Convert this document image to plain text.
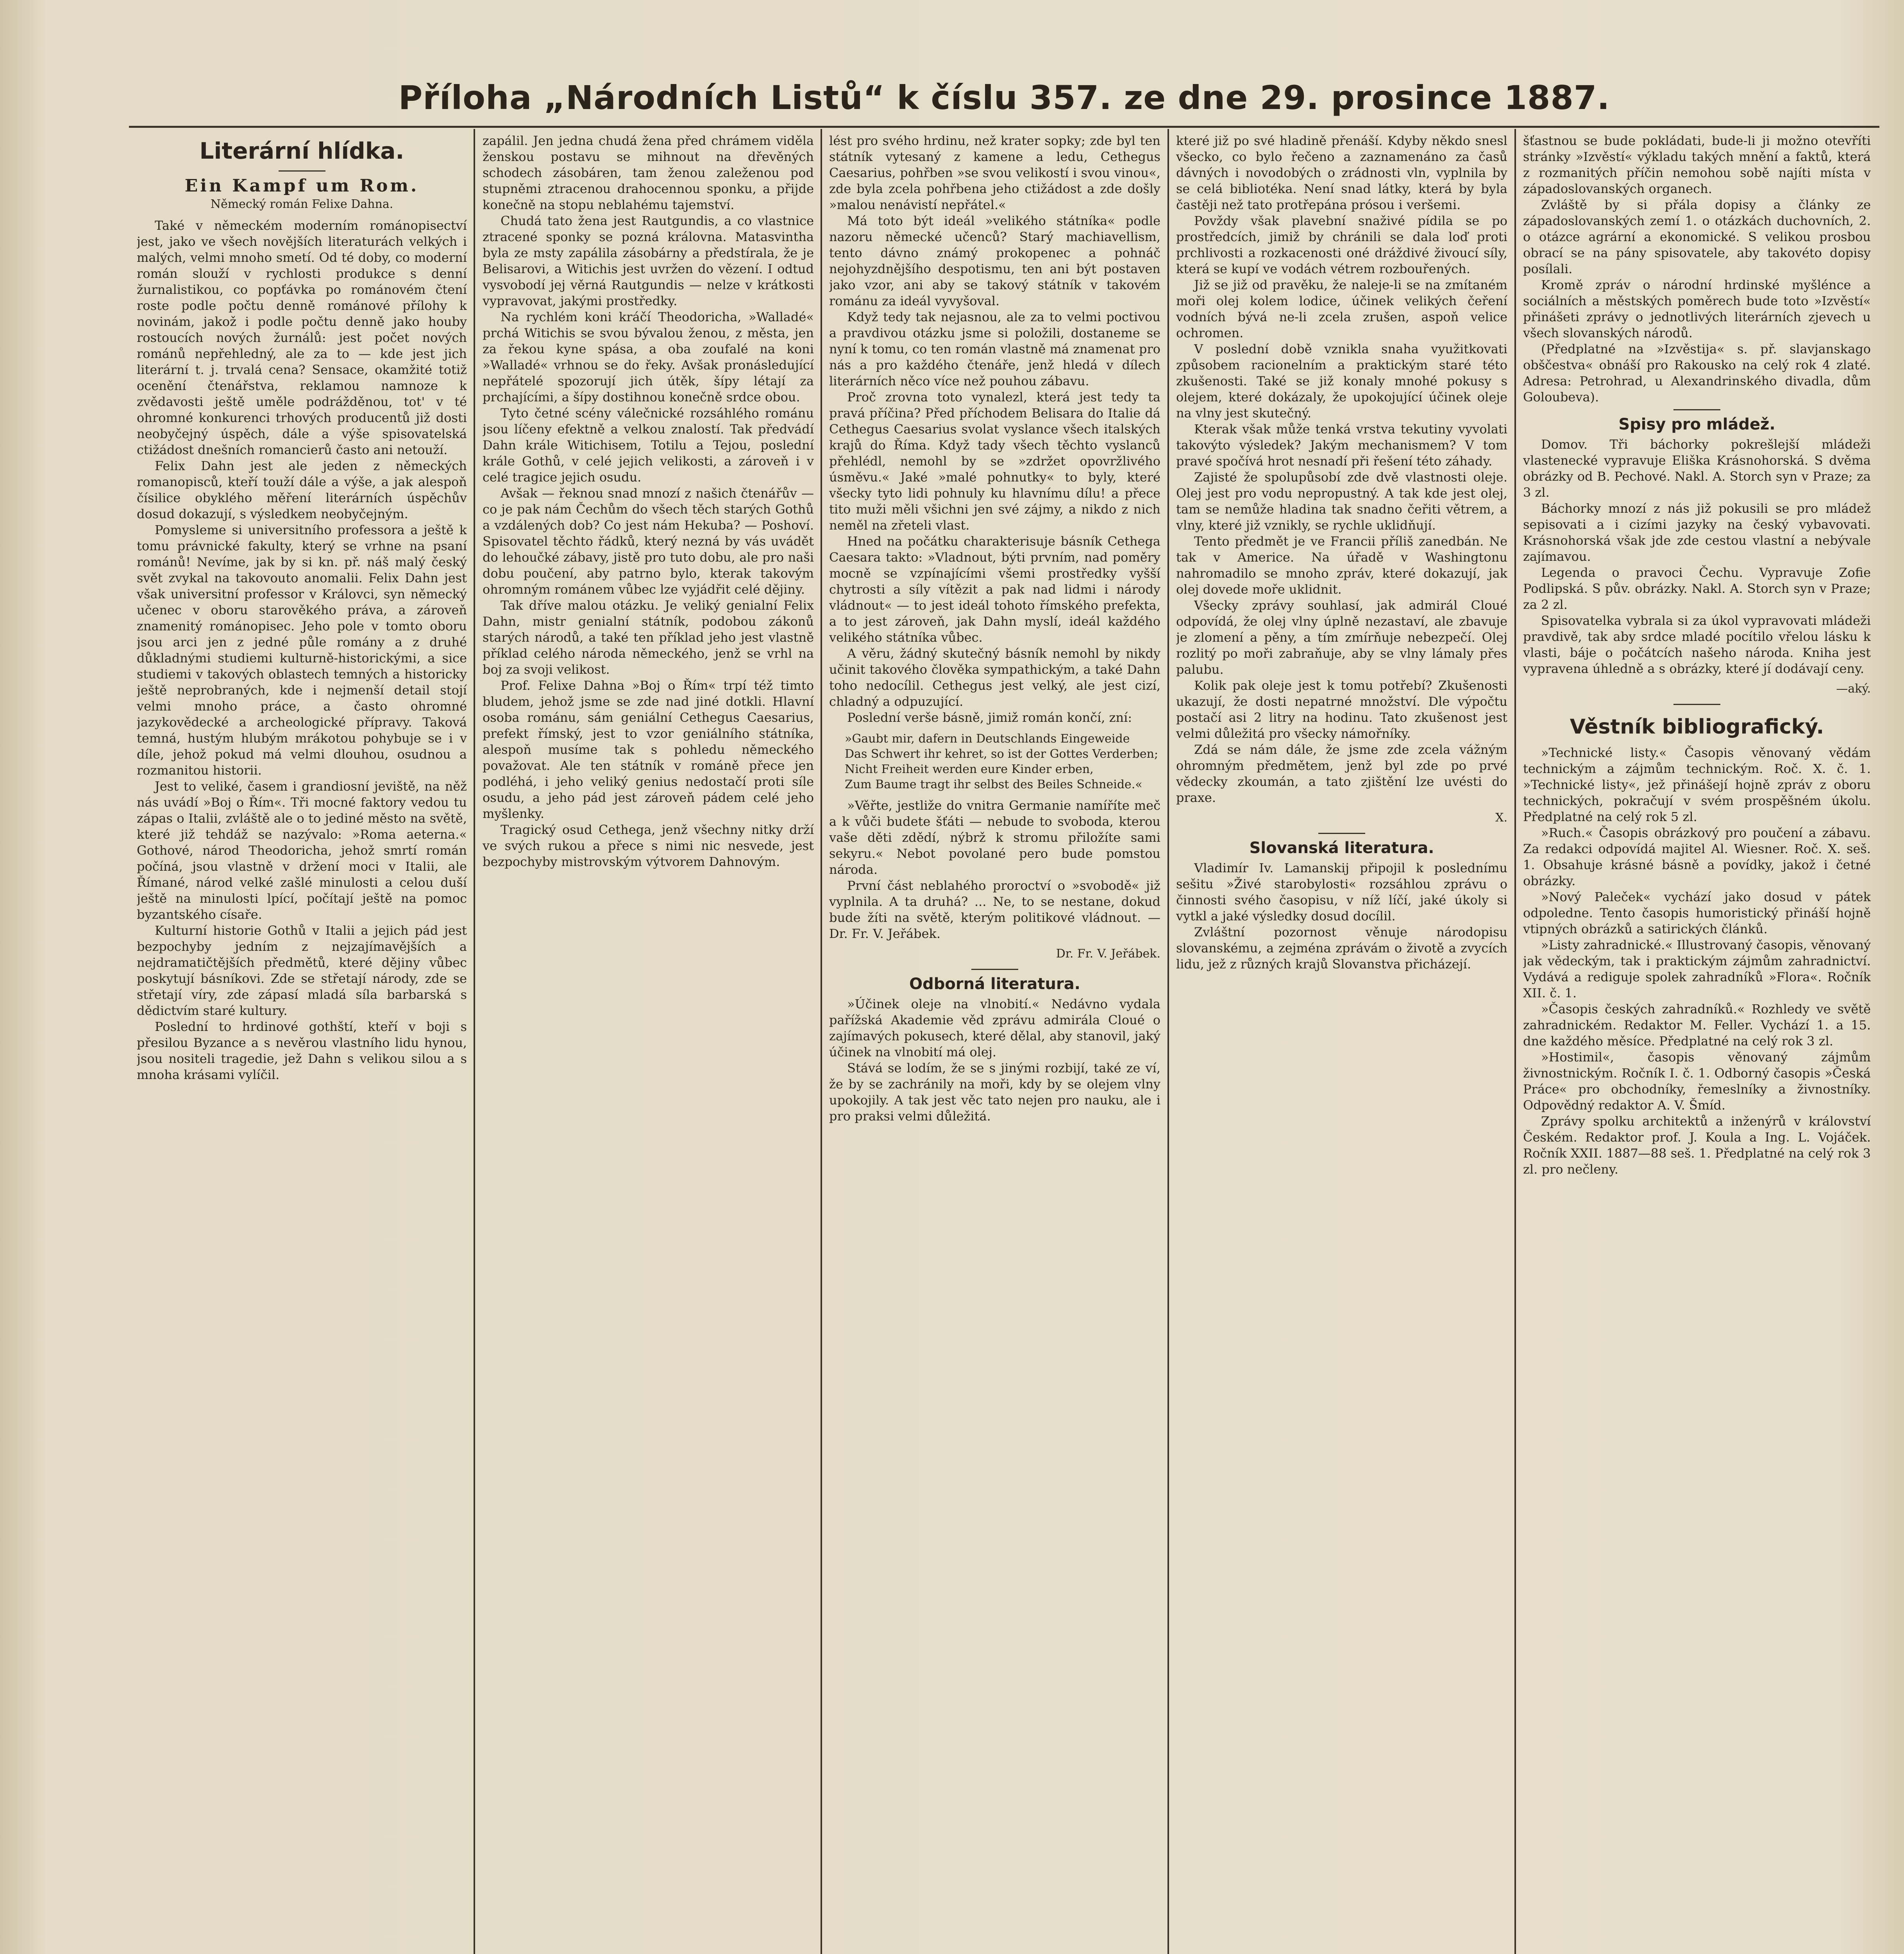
Příloha „Národních Listů“ k číslu 357. ze dne 29. prosince 1887.
Literární hlídka.
Ein Kampf um Rom.
Německý román Felixe Dahna.

Také v německém moderním románopisectví jest, jako ve všech novějších literaturách velkých i malých, velmi mnoho smetí. Od té doby, co moderní román slouží v rychlosti produkce s denní žurnalistikou, co popťávka po románovém čtení roste podle počtu denně románové přílohy k novinám, jakož i podle počtu denně jako houby rostoucích nových žurnálů: jest počet nových románů nepřehledný, ale za to — kde jest jich literární t. j. trvalá cena? Sensace, okamžité totiž ocenění čtenářstva, reklamou namnoze k zvědavosti ještě uměle podrážděnou, tot' v té ohromné konkurenci trhových producentů již dosti neobyčejný úspěch, dále a výše spisovatelská ctižádost dnešních romancierů často ani netouží.

Felix Dahn jest ale jeden z německých romanopisců, kteří touží dále a výše, a jak alespoň čísilice obyklého měření literárních úspěchův dosud dokazují, s výsledkem neobyčejným.

Pomysleme si universitního professora a ještě k tomu právnické fakulty, který se vrhne na psaní románů! Nevíme, jak by si kn. př. náš malý český svět zvykal na takovouto anomalii. Felix Dahn jest však universitní professor v Královci, syn německý učenec v oboru starověkého práva, a zároveň znamenitý románopisec. Jeho pole v tomto oboru jsou arci jen z jedné půle romány a z druhé důkladnými studiemi kulturně-historickými, a sice studiemi v takových oblastech temných a historicky ještě neprobraných, kde i nejmenší detail stojí velmi mnoho práce, a často ohromné jazykovědecké a archeologické přípravy. Taková temná, hustým hlubým mrákotou pohybuje se i v díle, jehož pokud má velmi dlouhou, osudnou a rozmanitou historii.

Jest to veliké, časem i grandiosní jeviště, na něž nás uvádí »Boj o Řím«. Tři mocné faktory vedou tu zápas o Italii, zvláště ale o to jediné město na světě, které již tehdáž se nazývalo: »Roma aeterna.« Gothové, národ Theodoricha, jehož smrtí román počíná, jsou vlastně v držení moci v Italii, ale Římané, národ velké zašlé minulosti a celou duší ještě na minulosti lpící, počítají ještě na pomoc byzantského císaře.

Kulturní historie Gothů v Italii a jejich pád jest bezpochyby jedním z nejzajímavějších a nejdramatičtějších předmětů, které dějiny vůbec poskytují básníkovi. Zde se střetají národy, zde se střetají víry, zde zápasí mladá síla barbarská s dědictvím staré kultury.

Poslední to hrdinové gothští, kteří v boji s přesilou Byzance a s nevěrou vlastního lidu hynou, jsou nositeli tragedie, jež Dahn s velikou silou a s mnoha krásami vylíčil.

zapálil. Jen jedna chudá žena před chrámem viděla ženskou postavu se mihnout na dřevěných schodech zásobáren, tam ženou zaleženou pod stupněmi ztracenou drahocennou sponku, a přijde konečně na stopu neblahému tajemství.

Chudá tato žena jest Rautgundis, a co vlastnice ztracené sponky se pozná královna. Matasvintha byla ze msty zapálila zásobárny a předstírala, že je Belisarovi, a Witichis jest uvržen do vězení. I odtud vysvobodí jej věrná Rautgundis — nelze v krátkosti vypravovat, jakými prostředky.

Na rychlém koni kráčí Theodoricha, »Walladé« prchá Witichis se svou bývalou ženou, z města, jen za řekou kyne spása, a oba zoufalé na koni »Walladé« vrhnou se do řeky. Avšak pronásledující nepřátelé spozorují jich útěk, šípy létají za prchajícími, a šípy dostihnou konečně srdce obou.

Tyto četné scény válečnické rozsáhlého románu jsou líčeny efektně a velkou znalostí. Tak předvádí Dahn krále Witichisem, Totilu a Tejou, poslední krále Gothů, v celé jejich velikosti, a zároveň i v celé tragice jejich osudu.

Avšak — řeknou snad mnozí z našich čtenářův — co je pak nám Čechům do všech těch starých Gothů a vzdálených dob? Co jest nám Hekuba? — Poshoví. Spisovatel těchto řádků, který nezná by vás uvádět do lehoučké zábavy, jistě pro tuto dobu, ale pro naši dobu poučení, aby patrno bylo, kterak takovým ohromným románem vůbec lze vyjádřit celé dějiny.

Tak dříve malou otázku. Je veliký genialní Felix Dahn, mistr genialní státník, podobou zákonů starých národů, a také ten příklad jeho jest vlastně příklad celého národa německého, jenž se vrhl na boj za svoji velikost.

Prof. Felixe Dahna »Boj o Řím« trpí též timto bludem, jehož jsme se zde nad jiné dotkli. Hlavní osoba románu, sám geniální Cethegus Caesarius, prefekt římský, jest to vzor geniálního státníka, alespoň musíme tak s pohledu německého považovat. Ale ten státník v románě přece jen podléhá, i jeho veliký genius nedostačí proti síle osudu, a jeho pád jest zároveň pádem celé jeho myšlenky.

Tragický osud Cethega, jenž všechny nitky drží ve svých rukou a přece s nimi nic nesvede, jest bezpochyby mistrovským výtvorem Dahnovým.

lést pro svého hrdinu, než krater sopky; zde byl ten státník vytesaný z kamene a ledu, Cethegus Caesarius, pohřben »se svou velikostí i svou vinou«, zde byla zcela pohřbena jeho ctižádost a zde došly »malou nenávistí nepřátel.«

Má toto být ideál »velikého státníka« podle nazoru německé učenců? Starý machiavellism, tento dávno známý prokopenec a pohnáč nejohyzdnějšího despotismu, ten ani být postaven jako vzor, ani aby se takový státník v takovém románu za ideál vyvyšoval.

Když tedy tak nejasnou, ale za to velmi poctivou a pravdivou otázku jsme si položili, dostaneme se nyní k tomu, co ten román vlastně má znamenat pro nás a pro každého čtenáře, jenž hledá v dílech literárních něco více než pouhou zábavu.

Proč zrovna toto vynalezl, která jest tedy ta pravá příčina? Před příchodem Belisara do Italie dá Cethegus Caesarius svolat vyslance všech italských krajů do Říma. Když tady všech těchto vyslanců přehlédl, nemohl by se »zdržet opovržlivého úsměvu.« Jaké »malé pohnutky« to byly, které všecky tyto lidi pohnuly ku hlavnímu dílu! a přece tito muži měli všichni jen své zájmy, a nikdo z nich neměl na zřeteli vlast.

Hned na počátku charakterisuje básník Cethega Caesara takto: »Vladnout, býti prvním, nad poměry mocně se vzpínajícími všemi prostředky vyšší chytrosti a síly vítězit a pak nad lidmi i národy vládnout« — to jest ideál tohoto římského prefekta, a to jest zároveň, jak Dahn myslí, ideál každého velikého státníka vůbec.

A věru, žádný skutečný básník nemohl by nikdy učinit takového člověka sympathickým, a také Dahn toho nedocílil. Cethegus jest velký, ale jest cizí, chladný a odpuzující.

Poslední verše básně, jimiž román končí, zní:

»Gaubt mir, dafern in Deutschlands Eingeweide
Das Schwert ihr kehret, so ist der Gottes Verderben;
Nicht Freiheit werden eure Kinder erben,
Zum Baume tragt ihr selbst des Beiles Schneide.«

»Věřte, jestliže do vnitra Germanie namíříte meč a k vůči budete šťáti — nebude to svoboda, kterou vaše děti zdědí, nýbrž k stromu přiložíte sami sekyru.« Nebot povolané pero bude pomstou národa.

První část neblahého proroctví o »svobodě« již vyplnila. A ta druhá? ... Ne, to se nestane, dokud bude žíti na světě, kterým politikové vládnout. — Dr. Fr. V. Jeřábek.

Dr. Fr. V. Jeřábek.
Odborná literatura.

»Účinek oleje na vlnobití.« Nedávno vydala pařížská Akademie věd zprávu admirála Cloué o zajímavých pokusech, které dělal, aby stanovil, jaký účinek na vlnobití má olej.

Stává se lodím, že se s jinými rozbijí, také ze ví, že by se zachránily na moři, kdy by se olejem vlny upokojily. A tak jest věc tato nejen pro nauku, ale i pro praksi velmi důležitá.

které již po své hladině přenáší. Kdyby někdo snesl všecko, co bylo řečeno a zaznamenáno za časů dávných i novodobých o zrádnosti vln, vyplnila by se celá bibliotéka. Není snad látky, která by byla častěji než tato protřepána prósou i veršemi.

Povždy však plavební snaživé pídila se po prostředcích, jimiž by chránili se dala loď proti prchlivosti a rozkacenosti oné dráždivé živoucí síly, která se kupí ve vodách vétrem rozbouřených.

Již se již od pravěku, že naleje-li se na zmítaném moři olej kolem lodice, účinek velikých čeření vodních bývá ne-li zcela zrušen, aspoň velice ochromen.

V poslední době vznikla snaha využitkovati způsobem racionelním a praktickým staré této zkušenosti. Také se již konaly mnohé pokusy s olejem, které dokázaly, že upokojující účinek oleje na vlny jest skutečný.

Kterak však může tenká vrstva tekutiny vyvolati takovýto výsledek? Jakým mechanismem? V tom pravé spočívá hrot nesnadí při řešení této záhady.

Zajisté že spolupůsobí zde dvě vlastnosti oleje. Olej jest pro vodu nepropustný. A tak kde jest olej, tam se nemůže hladina tak snadno čeřiti větrem, a vlny, které již vznikly, se rychle uklidňují.

Tento předmět je ve Francii příliš zanedbán. Ne tak v Americe. Na úřadě v Washingtonu nahromadilo se mnoho zpráv, které dokazují, jak olej dovede moře uklidnit.

Všecky zprávy souhlasí, jak admirál Cloué odpovídá, že olej vlny úplně nezastaví, ale zbavuje je zlomení a pěny, a tím zmírňuje nebezpečí. Olej rozlitý po moři zabraňuje, aby se vlny lámaly přes palubu.

Kolik pak oleje jest k tomu potřebí? Zkušenosti ukazují, že dosti nepatrné množství. Dle výpočtu postačí asi 2 litry na hodinu. Tato zkušenost jest velmi důležitá pro všecky námořníky.

Zdá se nám dále, že jsme zde zcela vážným ohromným předmětem, jenž byl zde po prvé vědecky zkoumán, a tato zjištění lze uvésti do praxe.

X.
Slovanská literatura.

Vladimír Iv. Lamanskij připojil k poslednímu sešitu »Živé starobylosti« rozsáhlou zprávu o činnosti svého časopisu, v níž líčí, jaké úkoly si vytkl a jaké výsledky dosud docílil.

Zvláštní pozornost věnuje národopisu slovanskému, a zejména zprávám o životě a zvycích lidu, jež z různých krajů Slovanstva přicházejí.

šťastnou se bude pokládati, bude-li ji možno otevříti stránky »Izvěstí« výkladu takých mnění a faktů, která z rozmanitých příčin nemohou sobě najíti místa v západoslovanských organech.

Zvláště by si přála dopisy a články ze západoslovanských zemí 1. o otázkách duchovních, 2. o otázce agrární a ekonomické. S velikou prosbou obrací se na pány spisovatele, aby takovéto dopisy posílali.

Kromě zpráv o národní hrdinské myšlénce a sociálních a městských poměrech bude toto »Izvěstí« přinášeti zprávy o jednotlivých literárních zjevech u všech slovanských národů.

(Předplatné na »Izvěstija« s. př. slavjanskago obščestva« obnáší pro Rakousko na celý rok 4 zlaté. Adresa: Petrohrad, u Alexandrinského divadla, dům Goloubeva).

Spisy pro mládež.

Domov. Tři báchorky pokrešlejší mládeži vlastenecké vypravuje Eliška Krásnohorská. S dvěma obrázky od B. Pechové. Nakl. A. Storch syn v Praze; za 3 zl.

Báchorky mnozí z nás již pokusili se pro mládež sepisovati a i cizími jazyky na český vybavovati. Krásnohorská však jde zde cestou vlastní a nebývale zajímavou.

Legenda o pravoci Čechu. Vypravuje Zofie Podlipská. S pův. obrázky. Nakl. A. Storch syn v Praze; za 2 zl.

Spisovatelka vybrala si za úkol vypravovati mládeži pravdivě, tak aby srdce mladé pocítilo vřelou lásku k vlasti, báje o počátcích našeho národa. Kniha jest vypravena úhledně a s obrázky, které jí dodávají ceny.

—aký.
Věstník bibliografický.

»Technické listy.« Časopis věnovaný vědám technickým a zájmům technickým. Roč. X. č. 1. »Technické listy«, jež přinášejí hojně zpráv z oboru technických, pokračují v svém prospěšném úkolu. Předplatné na celý rok 5 zl.

»Ruch.« Časopis obrázkový pro poučení a zábavu. Za redakci odpovídá majitel Al. Wiesner. Roč. X. seš. 1. Obsahuje krásné básně a povídky, jakož i četné obrázky.

»Nový Paleček« vychází jako dosud v pátek odpoledne. Tento časopis humoristický přináší hojně vtipných obrázků a satirických článků.

»Listy zahradnické.« Illustrovaný časopis, věnovaný jak vědeckým, tak i praktickým zájmům zahradnictví. Vydává a rediguje spolek zahradníků »Flora«. Ročník XII. č. 1.

»Časopis českých zahradníků.« Rozhledy ve světě zahradnickém. Redaktor M. Feller. Vychází 1. a 15. dne každého měsíce. Předplatné na celý rok 3 zl.

»Hostimil«, časopis věnovaný zájmům živnostnickým. Ročník I. č. 1. Odborný časopis »Česká Práce« pro obchodníky, řemeslníky a živnostníky. Odpovědný redaktor A. V. Šmíd.

Zprávy spolku architektů a inženýrů v království Českém. Redaktor prof. J. Koula a Ing. L. Vojáček. Ročník XXII. 1887—88 seš. 1. Předplatné na celý rok 3 zl. pro nečleny.
